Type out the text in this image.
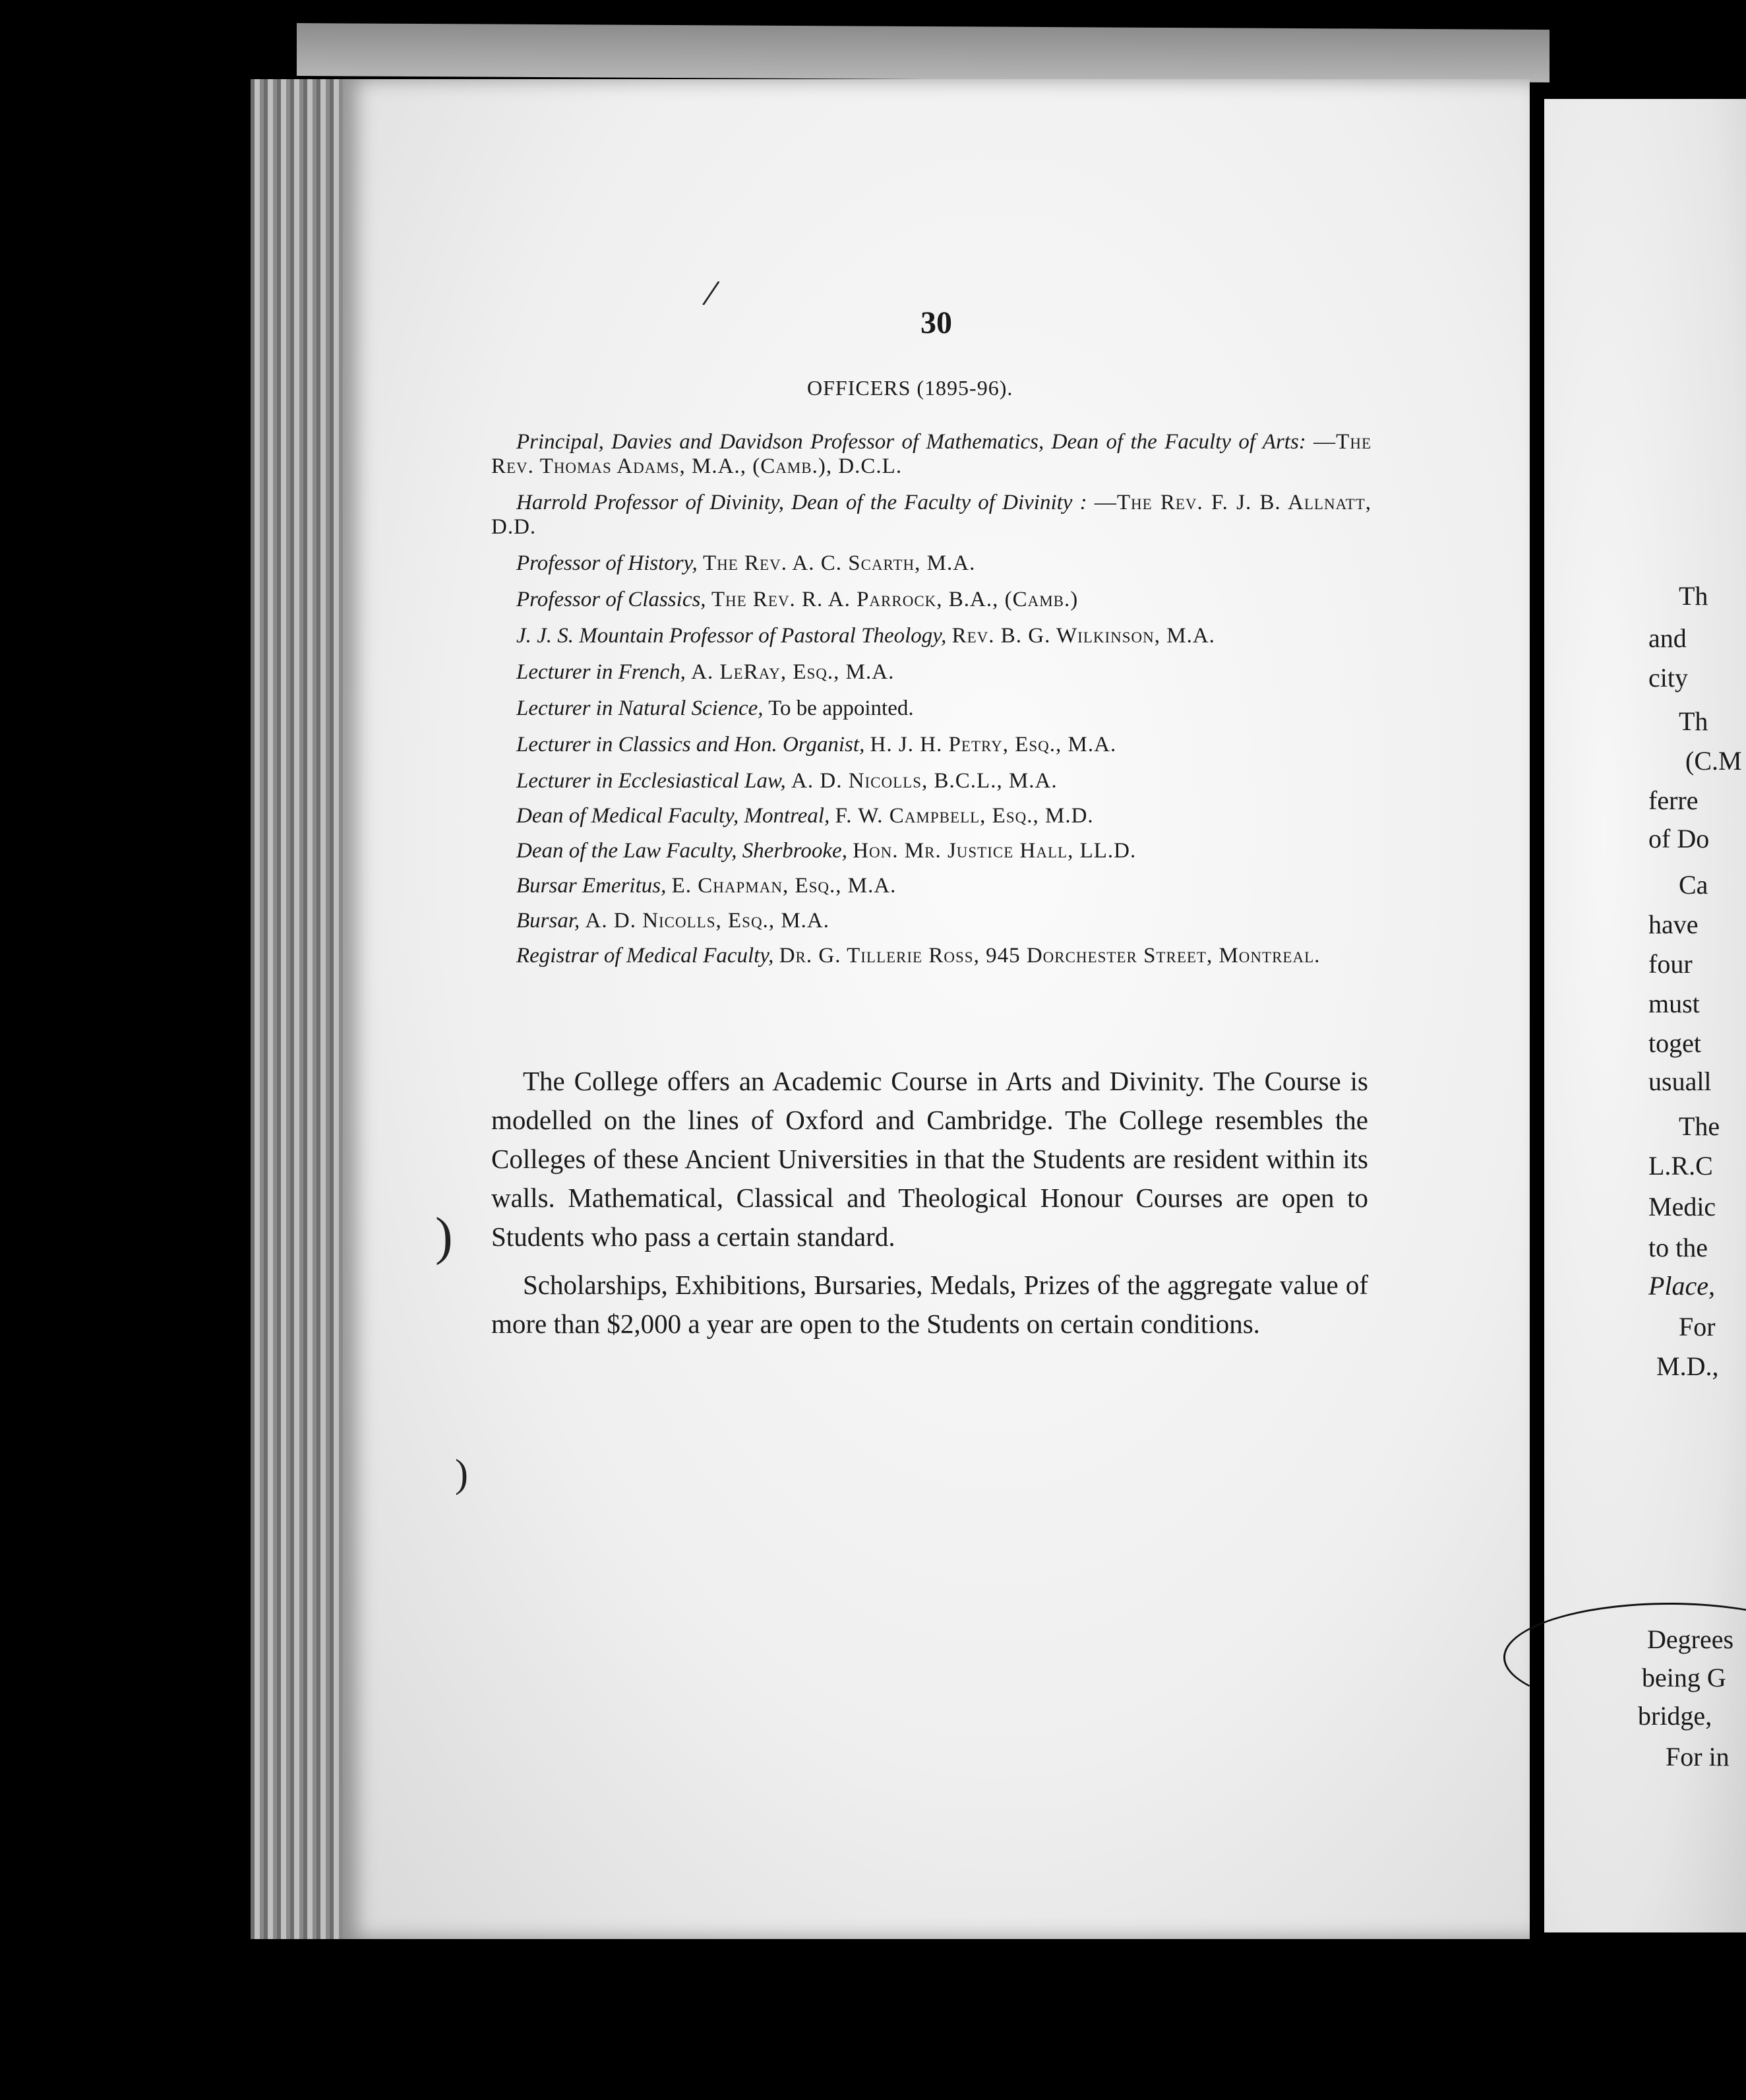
30
OFFICERS (1895-96).

Principal, Davies and Davidson Professor of Mathematics, Dean of the Faculty of Arts: —The Rev. Thomas Adams, M.A., (Camb.), D.C.L.

Harrold Professor of Divinity, Dean of the Faculty of Divinity : —The Rev. F. J. B. Allnatt, D.D.

Professor of History, The Rev. A. C. Scarth, M.A.

Professor of Classics, The Rev. R. A. Parrock, B.A., (Camb.)

J. J. S. Mountain Professor of Pastoral Theology, Rev. B. G. Wilkinson, M.A.

Lecturer in French, A. LeRay, Esq., M.A.

Lecturer in Natural Science, To be appointed.

Lecturer in Classics and Hon. Organist, H. J. H. Petry, Esq., M.A.

Lecturer in Ecclesiastical Law, A. D. Nicolls, B.C.L., M.A.

Dean of Medical Faculty, Montreal, F. W. Campbell, Esq., M.D.

Dean of the Law Faculty, Sherbrooke, Hon. Mr. Justice Hall, LL.D.

Bursar Emeritus, E. Chapman, Esq., M.A.

Bursar, A. D. Nicolls, Esq., M.A.

Registrar of Medical Faculty, Dr. G. Tillerie Ross, 945 Dorchester Street, Montreal.

The College offers an Academic Course in Arts and Divinity. The Course is modelled on the lines of Oxford and Cambridge. The College resembles the Colleges of these Ancient Universities in that the Students are resident within its walls. Mathematical, Classical and Theological Honour Courses are open to Students who pass a certain standard.

Scholarships, Exhibitions, Bursaries, Medals, Prizes of the aggregate value of more than $2,000 a year are open to the Students on certain conditions.

Th
and
city
Th
(C.M
ferre
of Do
Ca
have
four
must
toget
usuall
The
L.R.C
Medic
to the
Place,
For
M.D.,
Degrees
being G
bridge,
For in
/
)
)
